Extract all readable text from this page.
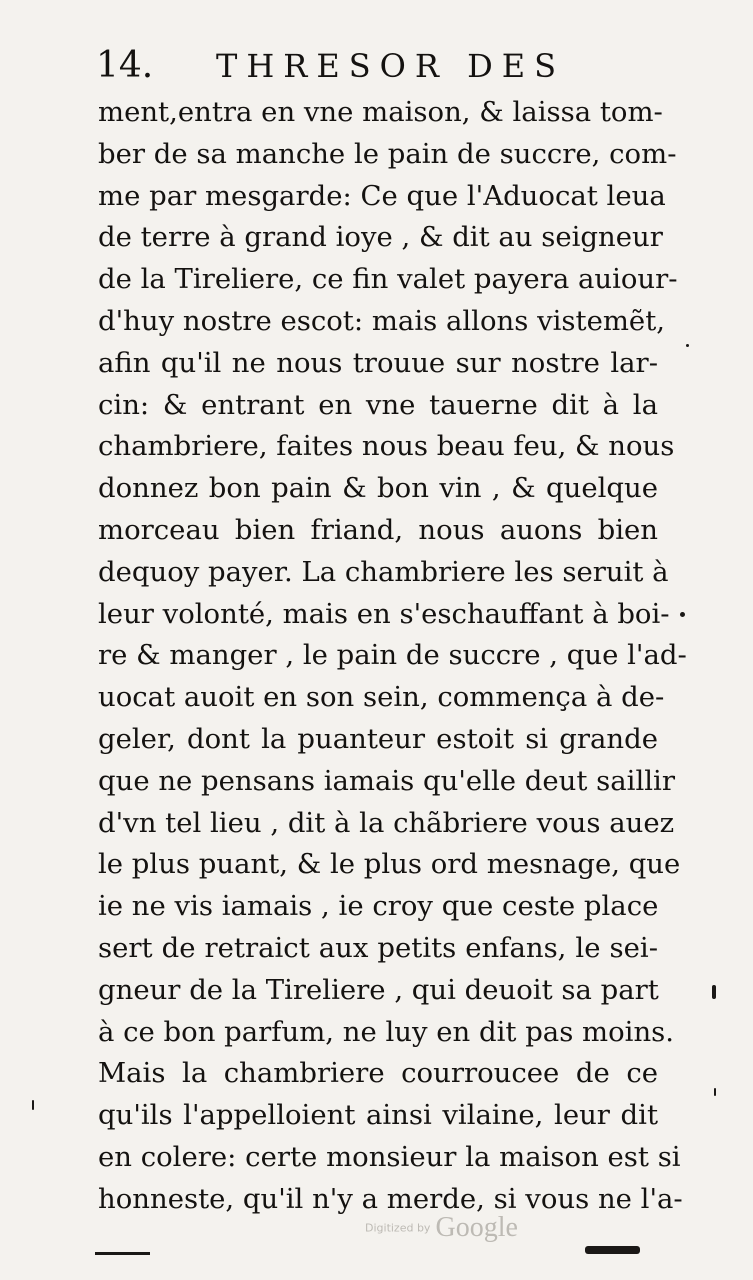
14. THRESOR DES
ment,entra en vne maison, & laissa tom-
ber de sa manche le pain de succre, com-
me par mesgarde: Ce que l'Aduocat leua
de terre à grand ioye , & dit au seigneur
de la Tireliere, ce fin valet payera auiour-
d'huy nostre escot: mais allons vistemẽt,
afin qu'il ne nous trouue sur nostre lar-
cin: & entrant en vne tauerne dit à la
chambriere, faites nous beau feu, & nous
donnez bon pain & bon vin , & quelque
morceau bien friand, nous auons bien
dequoy payer. La chambriere les seruit à
leur volonté, mais en s'eschauffant à boi-
re & manger , le pain de succre , que l'ad-
uocat auoit en son sein, commença à de-
geler, dont la puanteur estoit si grande
que ne pensans iamais qu'elle deut saillir
d'vn tel lieu , dit à la chãbriere vous auez
le plus puant, & le plus ord mesnage, que
ie ne vis iamais , ie croy que ceste place
sert de retraict aux petits enfans, le sei-
gneur de la Tireliere , qui deuoit sa part
à ce bon parfum, ne luy en dit pas moins.
Mais la chambriere courroucee de ce
qu'ils l'appelloient ainsi vilaine, leur dit
en colere: certe monsieur la maison est si
honneste, qu'il n'y a merde, si vous ne l'a-
Digitized by Google
